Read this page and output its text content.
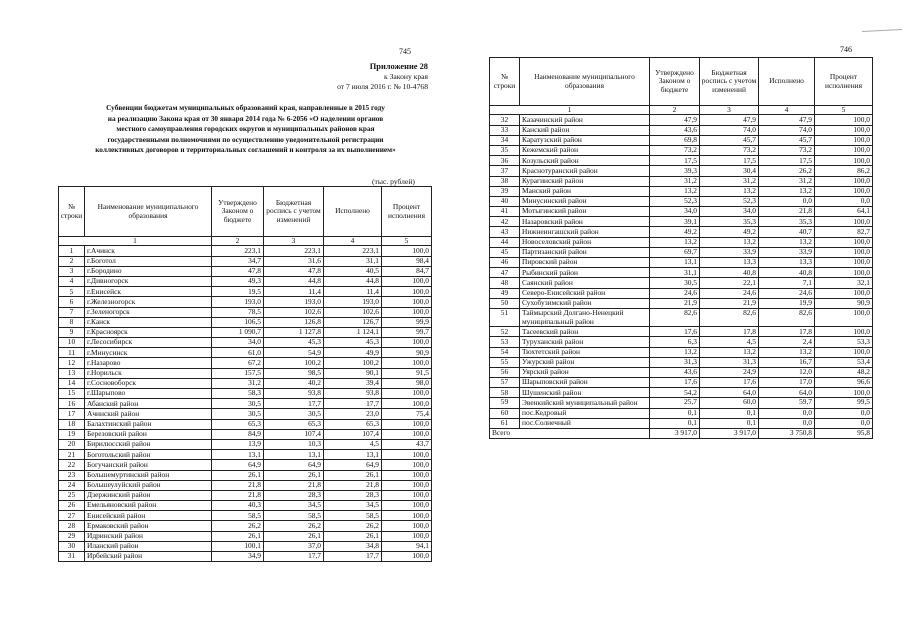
745	746
Приложение 28
к Закону края
от 7 июля 2016 г. № 10-4768
Субвенции бюджетам муниципальных образований края, направленные в 2015 году
на реализацию Закона края от 30 января 2014 года № 6-2056 «О наделении органов
местного самоуправления городских округов и муниципальных районов края
государственными полномочиями по осуществлению уведомительной регистрации
коллективных договоров и территориальных соглашений и контроля за их выполнением»
(тыс. рублей)
№ строки	Наименование муниципального образования	Утверждено Законом о бюджете	Бюджетная роспись с учетом изменений	Исполнено	Процент исполнения
1		2	3	4	5
1	г.Ачинск	223,1	223,1	223,1	100,0
2	г.Боготол	34,7	31,6	31,1	98,4
3	г.Бородино	47,8	47,8	40,5	84,7
4	г.Дивногорск	49,3	44,8	44,8	100,0
5	г.Енисейск	19,5	11,4	11,4	100,0
6	г.Железногорск	193,0	193,0	193,0	100,0
7	г.Зеленогорск	78,5	102,6	102,6	100,0
8	г.Канск	106,5	126,8	126,7	99,9
9	г.Красноярск	1 090,7	1 127,8	1 124,1	99,7
10	г.Лесосибирск	34,0	45,3	45,3	100,0
11	г.Минусинск	61,0	54,9	49,9	90,9
12	г.Назарово	67,2	100,2	100,2	100,0
13	г.Норильск	157,5	98,5	90,1	91,5
14	г.Сосновоборск	31,2	40,2	39,4	98,0
15	г.Шарыпово	58,3	93,8	93,8	100,0
16	Абанский район	30,5	17,7	17,7	100,0
17	Ачинский район	30,5	30,5	23,0	75,4
18	Балахтинский район	65,3	65,3	65,3	100,0
19	Березовский район	84,9	107,4	107,4	100,0
20	Бирилюсский район	13,9	10,3	4,5	43,7
21	Боготольский район	13,1	13,1	13,1	100,0
22	Богучанский район	64,9	64,9	64,9	100,0
23	Большемуртинский район	26,1	26,1	26,1	100,0
24	Большеулуйский район	21,8	21,8	21,8	100,0
25	Дзержинский район	21,8	28,3	28,3	100,0
26	Емельяновский район	40,3	34,5	34,5	100,0
27	Енисейский район	58,5	58,5	58,5	100,0
28	Ермаковский район	26,2	26,2	26,2	100,0
29	Идринский район	26,1	26,1	26,1	100,0
30	Иланский район	100,1	37,0	34,8	94,1
31	Ирбейский район	34,9	17,7	17,7	100,0
№ строки	Наименование муниципального образования	Утверждено Законом о бюджете	Бюджетная роспись с учетом изменений	Исполнено	Процент исполнения
1		2	3	4	5
32	Казачинский район	47,9	47,9	47,9	100,0
33	Канский район	43,6	74,0	74,0	100,0
34	Каратузский район	69,8	45,7	45,7	100,0
35	Кежемский район	73,2	73,2	73,2	100,0
36	Козульский район	17,5	17,5	17,5	100,0
37	Краснотуранский район	39,3	30,4	26,2	86,2
38	Курагинский район	31,2	31,2	31,2	100,0
39	Манский район	13,2	13,2	13,2	100,0
40	Минусинский район	52,3	52,3	0,0	0,0
41	Мотыгинский район	34,0	34,0	21,8	64,1
42	Назаровский район	39,1	35,3	35,3	100,0
43	Нижнеингашский район	49,2	49,2	40,7	82,7
44	Новоселовский район	13,2	13,2	13,2	100,0
45	Партизанский район	69,7	33,9	33,9	100,0
46	Пировский район	13,1	13,3	13,3	100,0
47	Рыбинский район	31,1	40,8	40,8	100,0
48	Саянский район	30,5	22,1	7,1	32,1
49	Северо-Енисейский район	24,6	24,6	24,6	100,0
50	Сухобузимский район	21,9	21,9	19,9	90,9
51	Таймырский Долгано-Ненецкий муниципальный район	82,6	82,6	82,6	100,0
52	Тасеевский район	17,6	17,8	17,8	100,0
53	Туруханский район	6,3	4,5	2,4	53,3
54	Тюхтетский район	13,2	13,2	13,2	100,0
55	Ужурский район	31,3	31,3	16,7	53,4
56	Уярский район	43,6	24,9	12,0	48,2
57	Шарыповский район	17,6	17,6	17,0	96,6
58	Шушенский район	54,2	64,0	64,0	100,0
59	Эвенкийский муниципальный район	25,7	60,0	59,7	99,5
60	пос.Кедровый	0,1	0,1	0,0	0,0
61	пос.Солнечный	0,1	0,1	0,0	0,0
Всего		3 917,0	3 917,0	3 750,8	95,8
